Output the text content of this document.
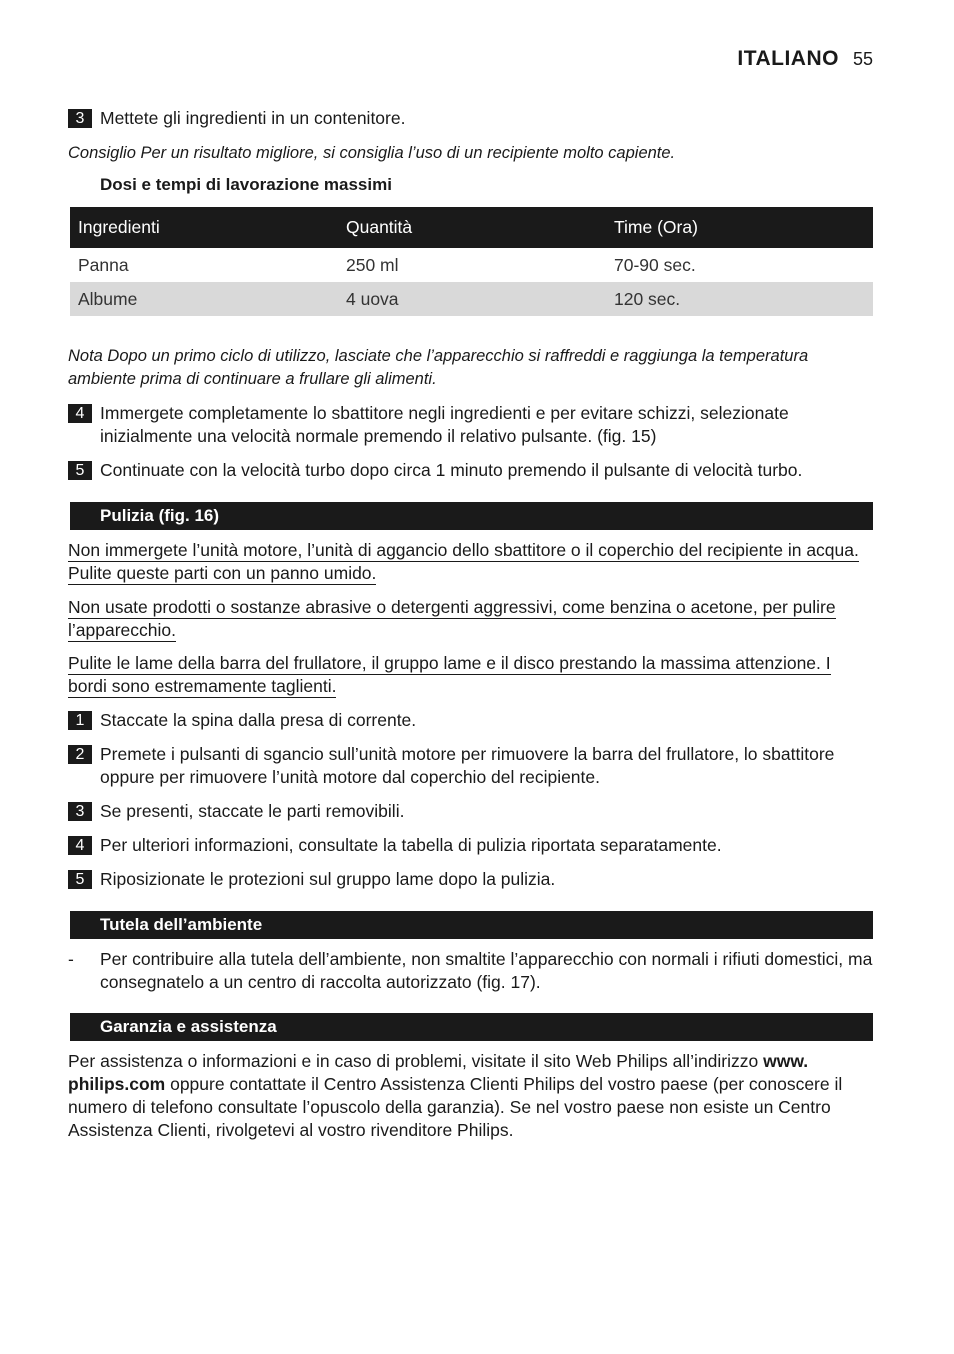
ITALIANO 55
3 Mettete gli ingredienti in un contenitore.
Consiglio Per un risultato migliore, si consiglia l’uso di un recipiente molto capiente.
Dosi e tempi di lavorazione massimi
Ingredienti	Quantità	Time (Ora)
Panna	250 ml	70-90 sec.
Albume	4 uova	120 sec.
Nota Dopo un primo ciclo di utilizzo, lasciate che l’apparecchio si raffreddi e raggiunga la temperatura ambiente prima di continuare a frullare gli alimenti.
4 Immergete completamente lo sbattitore negli ingredienti e per evitare schizzi, selezionate inizialmente una velocità normale premendo il relativo pulsante. (fig. 15)
5 Continuate con la velocità turbo dopo circa 1 minuto premendo il pulsante di velocità turbo.
Pulizia (fig. 16)
Non immergete l’unità motore, l’unità di aggancio dello sbattitore o il coperchio del recipiente in acqua. Pulite queste parti con un panno umido.
Non usate prodotti o sostanze abrasive o detergenti aggressivi, come benzina o acetone, per pulire l’apparecchio.
Pulite le lame della barra del frullatore, il gruppo lame e il disco prestando la massima attenzione. I bordi sono estremamente taglienti.
1 Staccate la spina dalla presa di corrente.
2 Premete i pulsanti di sgancio sull’unità motore per rimuovere la barra del frullatore, lo sbattitore oppure per rimuovere l’unità motore dal coperchio del recipiente.
3 Se presenti, staccate le parti removibili.
4 Per ulteriori informazioni, consultate la tabella di pulizia riportata separatamente.
5 Riposizionate le protezioni sul gruppo lame dopo la pulizia.
Tutela dell’ambiente
-	Per contribuire alla tutela dell’ambiente, non smaltite l’apparecchio con normali i rifiuti domestici, ma consegnatelo a un centro di raccolta autorizzato (fig. 17).
Garanzia e assistenza
Per assistenza o informazioni e in caso di problemi, visitate il sito Web Philips all’indirizzo www. philips.com oppure contattate il Centro Assistenza Clienti Philips del vostro paese (per conoscere il numero di telefono consultate l’opuscolo della garanzia). Se nel vostro paese non esiste un Centro Assistenza Clienti, rivolgetevi al vostro rivenditore Philips.
